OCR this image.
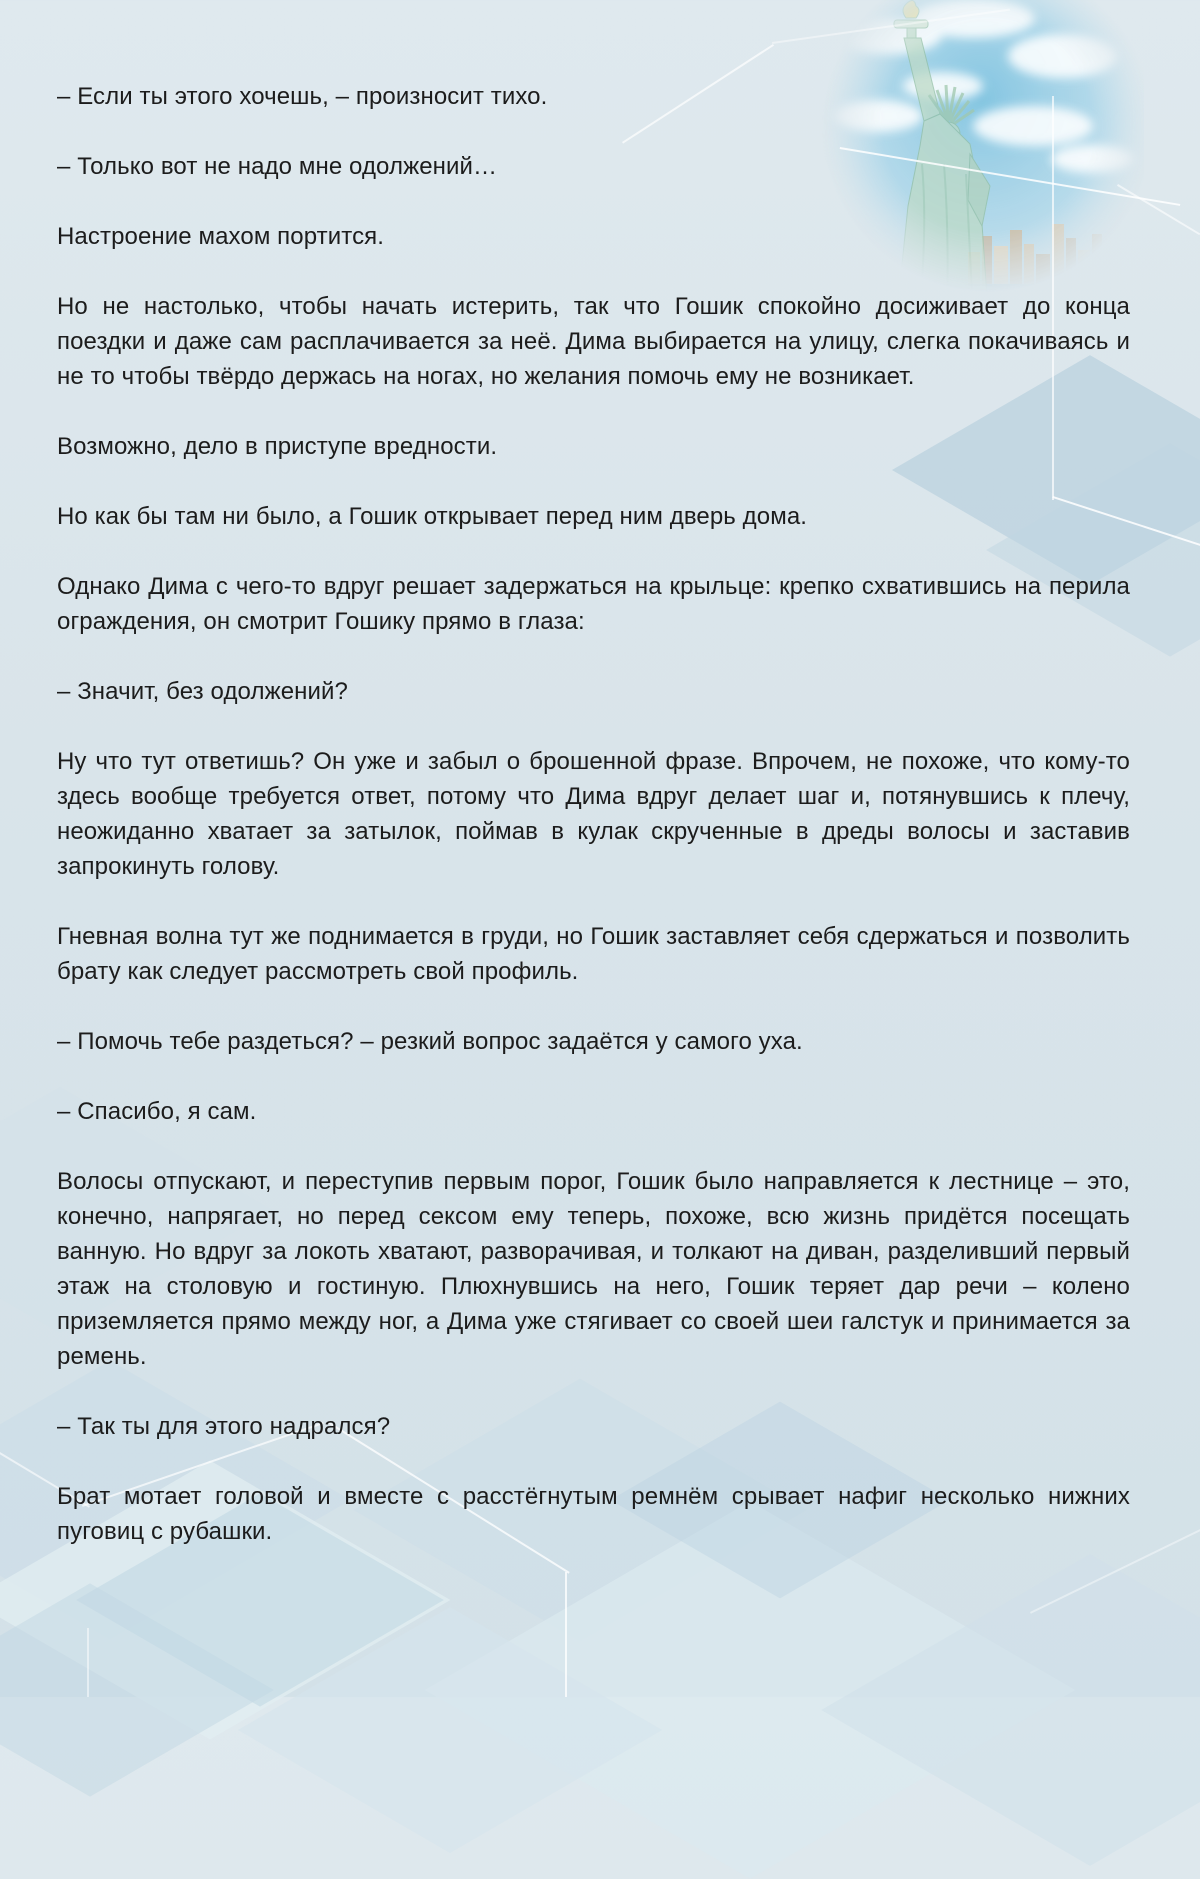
– Если ты этого хочешь, – произносит тихо.

– Только вот не надо мне одолжений…

Настроение махом портится.

Но не настолько, чтобы начать истерить, так что Гошик спокойно досиживает до конца поездки и даже сам расплачивается за неё. Дима выбирается на улицу, слегка покачиваясь и не то чтобы твёрдо держась на ногах, но желания помочь ему не возникает.

Возможно, дело в приступе вредности.

Но как бы там ни было, а Гошик открывает перед ним дверь дома.

Однако Дима с чего-то вдруг решает задержаться на крыльце: крепко схватившись на перила ограждения, он смотрит Гошику прямо в глаза:

– Значит, без одолжений?

Ну что тут ответишь? Он уже и забыл о брошенной фразе. Впрочем, не похоже, что кому-то здесь вообще требуется ответ, потому что Дима вдруг делает шаг и, потянувшись к плечу, неожиданно хватает за затылок, поймав в кулак скрученные в дреды волосы и заставив запрокинуть голову.

Гневная волна тут же поднимается в груди, но Гошик заставляет себя сдержаться и позволить брату как следует рассмотреть свой профиль.

– Помочь тебе раздеться? – резкий вопрос задаётся у самого уха.

– Спасибо, я сам.

Волосы отпускают, и переступив первым порог, Гошик было направляется к лестнице – это, конечно, напрягает, но перед сексом ему теперь, похоже, всю жизнь придётся посещать ванную. Но вдруг за локоть хватают, разворачивая, и толкают на диван, разделивший первый этаж на столовую и гостиную. Плюхнувшись на него, Гошик теряет дар речи – колено приземляется прямо между ног, а Дима уже стягивает со своей шеи галстук и принимается за ремень.

– Так ты для этого надрался?

Брат мотает головой и вместе с расстёгнутым ремнём срывает нафиг несколько нижних пуговиц с рубашки.
